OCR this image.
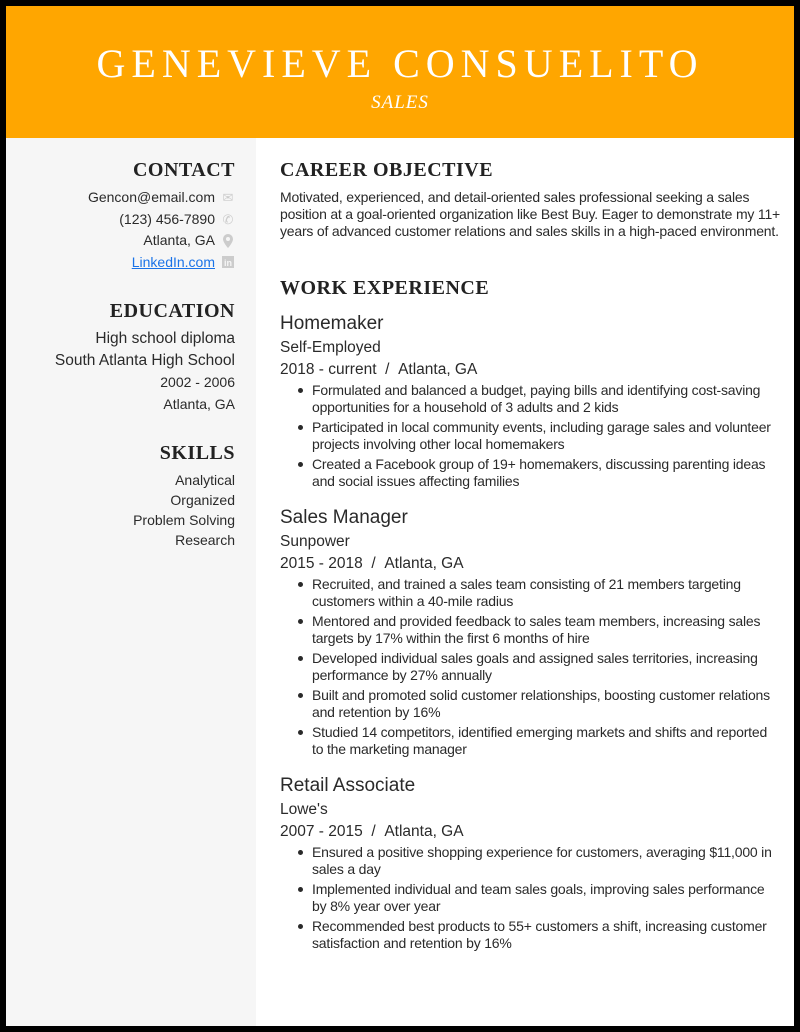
GENEVIEVE CONSUELITO
SALES
CONTACT
Gencon@email.com ✉
(123) 456-7890 ✆
Atlanta, GA
LinkedIn.com in
EDUCATION
High school diploma
South Atlanta High School
2002 - 2006
Atlanta, GA
SKILLS
Analytical
Organized
Problem Solving
Research
CAREER OBJECTIVE
Motivated, experienced, and detail-oriented sales professional seeking a sales position at a goal-oriented organization like Best Buy. Eager to demonstrate my 11+ years of advanced customer relations and sales skills in a high-paced environment.
WORK EXPERIENCE
Homemaker
Self-Employed
2018 - current / Atlanta, GA
Formulated and balanced a budget, paying bills and identifying cost-saving opportunities for a household of 3 adults and 2 kids
Participated in local community events, including garage sales and volunteer projects involving other local homemakers
Created a Facebook group of 19+ homemakers, discussing parenting ideas and social issues affecting families
Sales Manager
Sunpower
2015 - 2018 / Atlanta, GA
Recruited, and trained a sales team consisting of 21 members targeting customers within a 40-mile radius
Mentored and provided feedback to sales team members, increasing sales targets by 17% within the first 6 months of hire
Developed individual sales goals and assigned sales territories, increasing performance by 27% annually
Built and promoted solid customer relationships, boosting customer relations and retention by 16%
Studied 14 competitors, identified emerging markets and shifts and reported to the marketing manager
Retail Associate
Lowe's
2007 - 2015 / Atlanta, GA
Ensured a positive shopping experience for customers, averaging $11,000 in sales a day
Implemented individual and team sales goals, improving sales performance by 8% year over year
Recommended best products to 55+ customers a shift, increasing customer satisfaction and retention by 16%
